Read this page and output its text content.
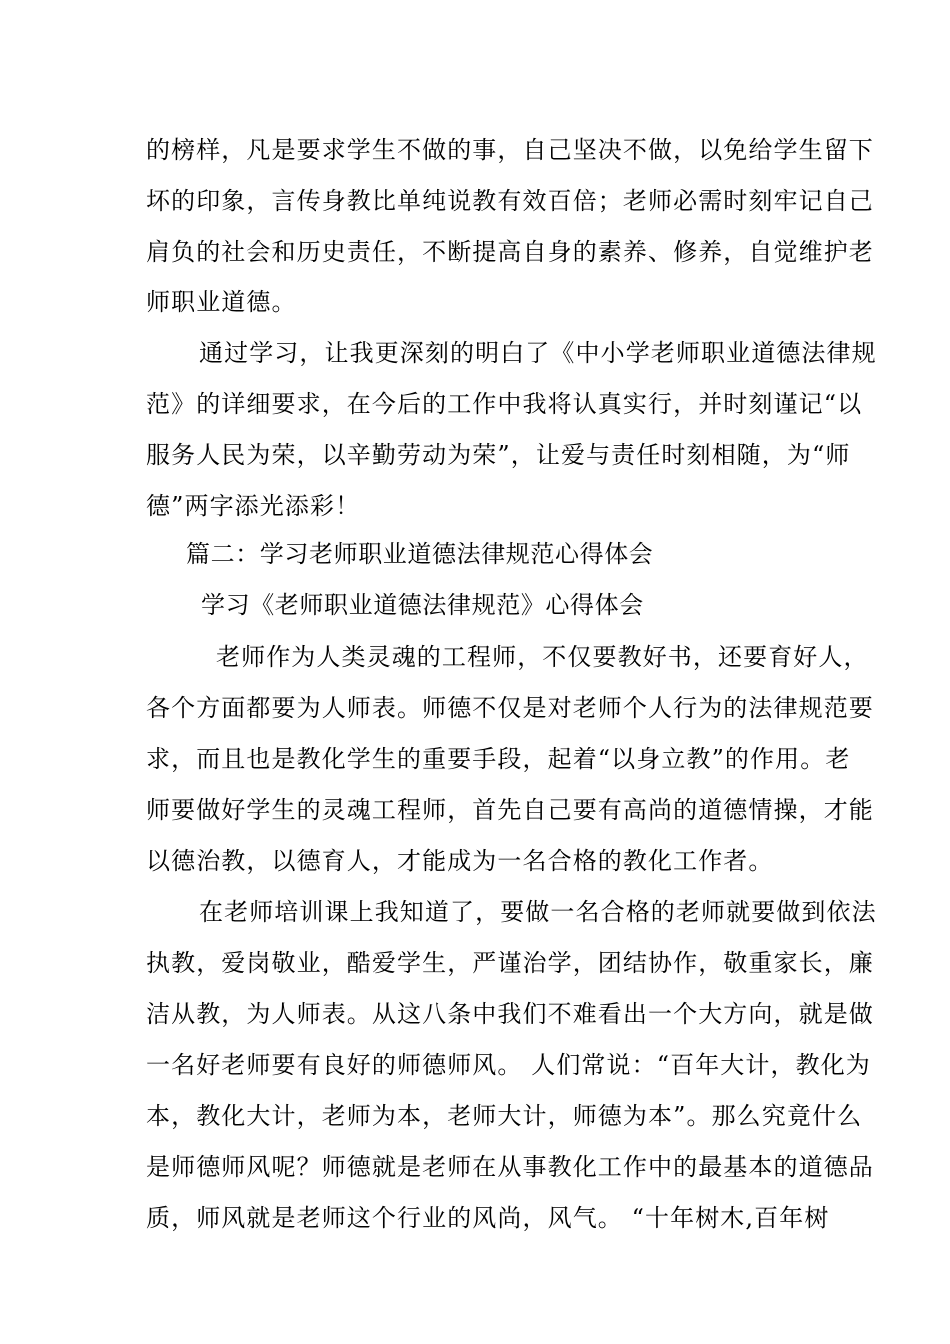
的榜样，凡是要求学生不做的事，自己坚决不做，以免给学生留下
坏的印象，言传身教比单纯说教有效百倍；老师必需时刻牢记自己
肩负的社会和历史责任，不断提高自身的素养、修养，自觉维护老
师职业道德。
通过学习，让我更深刻的明白了《中小学老师职业道德法律规
范》的详细要求，在今后的工作中我将认真实行，并时刻谨记“以
服务人民为荣，以辛勤劳动为荣”，让爱与责任时刻相随，为“师
德”两字添光添彩！
篇二：学习老师职业道德法律规范心得体会
学习《老师职业道德法律规范》心得体会
老师作为人类灵魂的工程师，不仅要教好书，还要育好人，
各个方面都要为人师表。师德不仅是对老师个人行为的法律规范要
求，而且也是教化学生的重要手段，起着“以身立教”的作用。老
师要做好学生的灵魂工程师，首先自己要有高尚的道德情操，才能
以德治教，以德育人，才能成为一名合格的教化工作者。
在老师培训课上我知道了，要做一名合格的老师就要做到依法
执教，爱岗敬业，酷爱学生，严谨治学，团结协作，敬重家长，廉
洁从教，为人师表。从这八条中我们不难看出一个大方向，就是做
一名好老师要有良好的师德师风。 人们常说：“百年大计，教化为
本，教化大计，老师为本，老师大计，师德为本”。那么究竟什么
是师德师风呢？师德就是老师在从事教化工作中的最基本的道德品
质，师风就是老师这个行业的风尚，风气。 “十年树木,百年树
